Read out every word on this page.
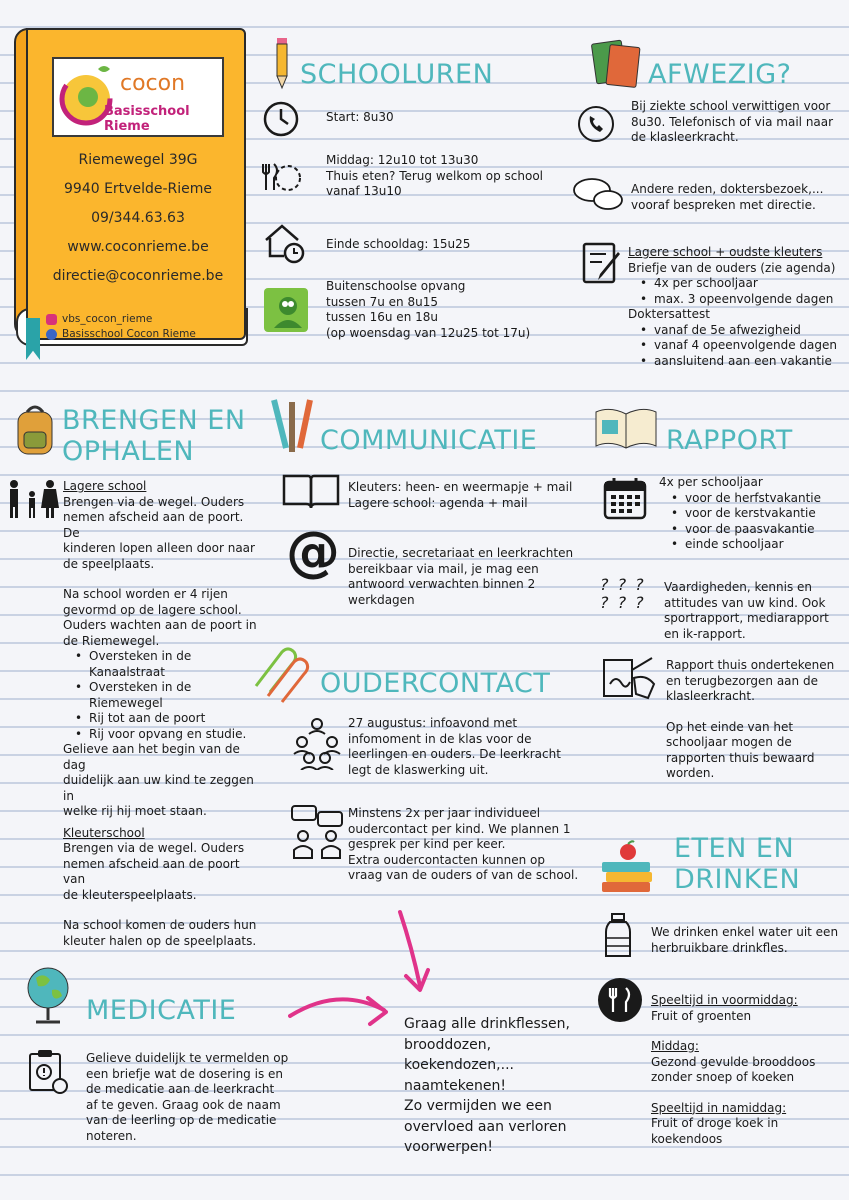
cocon
Basisschool Rieme
Riemewegel 39G
9940 Ertvelde-Rieme
09/344.63.63
www.coconrieme.be
directie@coconrieme.be
vbs_cocon_rieme
Basisschool Cocon Rieme
SCHOOLUREN
Start: 8u30

Middag: 12u10 tot 13u30

Thuis eten? Terug welkom op school

vanaf 13u10

Einde schooldag: 15u25

Buitenschoolse opvang

tussen 7u en 8u15

tussen 16u en 18u

(op woensdag van 12u25 tot 17u)

AFWEZIG?

Bij ziekte school verwittigen voor

8u30. Telefonisch of via mail naar

de klasleerkracht.

Andere reden, doktersbezoek,...

vooraf bespreken met directie.

Lagere school + oudste kleuters

Briefje van de ouders (zie agenda)

• 4x per schooljaar
• max. 3 opeenvolgende dagen

Doktersattest

• vanaf de 5e afwezigheid
• vanaf 4 opeenvolgende dagen
• aansluitend aan een vakantie
BRENGEN EN
OPHALEN

Lagere school

Brengen via de wegel. Ouders

nemen afscheid aan de poort. De

kinderen lopen alleen door naar

de speelplaats.

Na school worden er 4 rijen

gevormd op de lagere school.

Ouders wachten aan de poort in

de Riemewegel.

• Oversteken in de
Kanaalstraat
• Oversteken in de
Riemewegel
• Rij tot aan de poort
• Rij voor opvang en studie.

Gelieve aan het begin van de dag

duidelijk aan uw kind te zeggen in

welke rij hij moet staan.

Kleuterschool

Brengen via de wegel. Ouders

nemen afscheid aan de poort van

de kleuterspeelplaats.

Na school komen de ouders hun

kleuter halen op de speelplaats.

COMMUNICATIE

Kleuters: heen- en weermapje + mail

Lagere school: agenda + mail

@ Directie, secretariaat en leerkrachten

bereikbaar via mail, je mag een

antwoord verwachten binnen 2

werkdagen

OUDERCONTACT

27 augustus: infoavond met

infomoment in de klas voor de

leerlingen en ouders. De leerkracht

legt de klaswerking uit.

Minstens 2x per jaar individueel

oudercontact per kind. We plannen 1

gesprek per kind per keer.

Extra oudercontacten kunnen op

vraag van de ouders of van de school.

RAPPORT

4x per schooljaar

• voor de herfstvakantie
• voor de kerstvakantie
• voor de paasvakantie
• einde schooljaar
? ? ?
? ? ?

Vaardigheden, kennis en

attitudes van uw kind. Ook

sportrapport, mediarapport

en ik-rapport.

Rapport thuis ondertekenen

en terugbezorgen aan de

klasleerkracht.

Op het einde van het

schooljaar mogen de

rapporten thuis bewaard

worden.

ETEN EN
DRINKEN

We drinken enkel water uit een

herbruikbare drinkfles.

Speeltijd in voormiddag:

Fruit of groenten

Middag:

Gezond gevulde brooddoos

zonder snoep of koeken

Speeltijd in namiddag:

Fruit of droge koek in

koekendoos

MEDICATIE

Gelieve duidelijk te vermelden op

een briefje wat de dosering is en

de medicatie aan de leerkracht

af te geven. Graag ook de naam

van de leerling op de medicatie

noteren.

Graag alle drinkflessen,

brooddozen,

koekendozen,...

naamtekenen!

Zo vermijden we een

overvloed aan verloren

voorwerpen!
